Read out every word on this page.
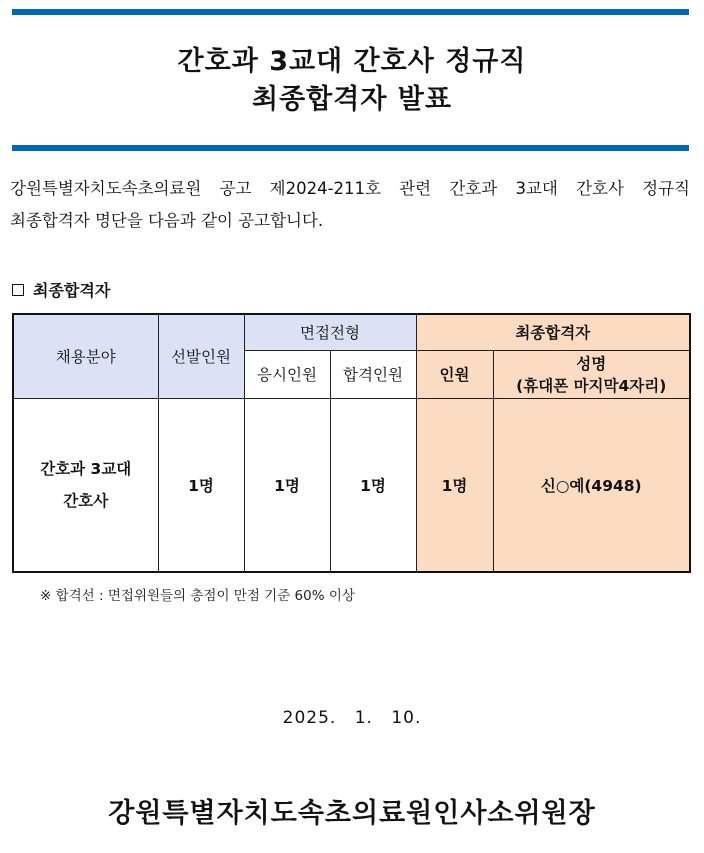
간호과 3교대 간호사 정규직
최종합격자 발표
강원특별자치도속초의료원 공고 제2024-211호 관련 간호과 3교대 간호사 정규직
최종합격자 명단을 다음과 같이 공고합니다.
최종합격자
채용분야	선발인원	면접전형		최종합격자	
		응시인원	합격인원	인원	성명
(휴대폰 마지막4자리)

간호과 3교대
간호사	1명	1명	1명	1명	신○예(4948)
※ 합격선 : 면접위원들의 총점이 만점 기준 60% 이상
2025. 1. 10.
강원특별자치도속초의료원인사소위원장
